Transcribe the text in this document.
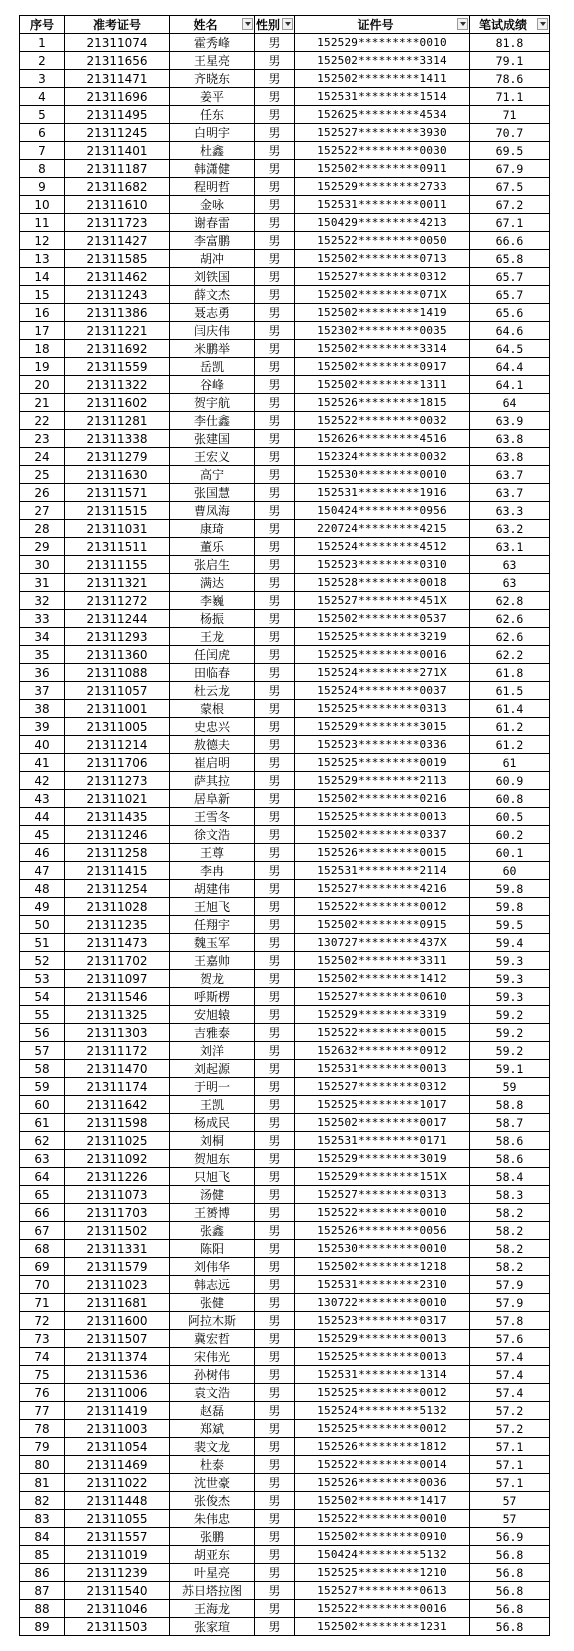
序号	准考证号	姓名	性别	证件号	笔试成绩

1	21311074	霍秀峰	男	152529*********0010	81.8
2	21311656	王星亮	男	152502*********3314	79.1
3	21311471	齐晓东	男	152502*********1411	78.6
4	21311696	姜平	男	152531*********1514	71.1
5	21311495	任东	男	152625*********4534	71
6	21311245	白明宇	男	152527*********3930	70.7
7	21311401	杜鑫	男	152522*********0030	69.5
8	21311187	韩潇健	男	152502*********0911	67.9
9	21311682	程明哲	男	152529*********2733	67.5
10	21311610	金咏	男	152531*********0011	67.2
11	21311723	谢春雷	男	150429*********4213	67.1
12	21311427	李富鹏	男	152522*********0050	66.6
13	21311585	胡冲	男	152502*********0713	65.8
14	21311462	刘铁国	男	152527*********0312	65.7
15	21311243	薛文杰	男	152502*********071X	65.7
16	21311386	聂志勇	男	152502*********1419	65.6
17	21311221	闫庆伟	男	152302*********0035	64.6
18	21311692	米鹏举	男	152502*********3314	64.5
19	21311559	岳凯	男	152502*********0917	64.4
20	21311322	谷峰	男	152502*********1311	64.1
21	21311602	贺宇航	男	152526*********1815	64
22	21311281	李仕鑫	男	152522*********0032	63.9
23	21311338	张建国	男	152626*********4516	63.8
24	21311279	王宏义	男	152324*********0032	63.8
25	21311630	高宁	男	152530*********0010	63.7
26	21311571	张国慧	男	152531*********1916	63.7
27	21311515	曹凤海	男	150424*********0956	63.3
28	21311031	康琦	男	220724*********4215	63.2
29	21311511	董乐	男	152524*********4512	63.1
30	21311155	张启生	男	152523*********0310	63
31	21311321	满达	男	152528*********0018	63
32	21311272	李巍	男	152527*********451X	62.8
33	21311244	杨振	男	152502*********0537	62.6
34	21311293	王龙	男	152525*********3219	62.6
35	21311360	任闰虎	男	152525*********0016	62.2
36	21311088	田临春	男	152524*********271X	61.8
37	21311057	杜云龙	男	152524*********0037	61.5
38	21311001	蒙根	男	152525*********0313	61.4
39	21311005	史忠兴	男	152529*********3015	61.2
40	21311214	敖德夫	男	152523*********0336	61.2
41	21311706	崔启明	男	152525*********0019	61
42	21311273	萨其拉	男	152529*********2113	60.9
43	21311021	居阜新	男	152502*********0216	60.8
44	21311435	王雪冬	男	152525*********0013	60.5
45	21311246	徐文浩	男	152502*********0337	60.2
46	21311258	王尊	男	152526*********0015	60.1
47	21311415	李冉	男	152531*********2114	60
48	21311254	胡建伟	男	152527*********4216	59.8
49	21311028	王旭飞	男	152522*********0012	59.8
50	21311235	任翔宇	男	152502*********0915	59.5
51	21311473	魏玉军	男	130727*********437X	59.4
52	21311702	王嘉帅	男	152502*********3311	59.3
53	21311097	贺龙	男	152502*********1412	59.3
54	21311546	呼斯楞	男	152527*********0610	59.3
55	21311325	安旭辕	男	152529*********3319	59.2
56	21311303	吉雅泰	男	152522*********0015	59.2
57	21311172	刘洋	男	152632*********0912	59.2
58	21311470	刘起源	男	152531*********0013	59.1
59	21311174	于明一	男	152527*********0312	59
60	21311642	王凯	男	152525*********1017	58.8
61	21311598	杨成民	男	152502*********0017	58.7
62	21311025	刘桐	男	152531*********0171	58.6
63	21311092	贺旭东	男	152529*********3019	58.6
64	21311226	只旭飞	男	152529*********151X	58.4
65	21311073	汤健	男	152527*********0313	58.3
66	21311703	王赟博	男	152522*********0010	58.2
67	21311502	张鑫	男	152526*********0056	58.2
68	21311331	陈阳	男	152530*********0010	58.2
69	21311579	刘伟华	男	152502*********1218	58.2
70	21311023	韩志远	男	152531*********2310	57.9
71	21311681	张健	男	130722*********0010	57.9
72	21311600	阿拉木斯	男	152523*********0317	57.8
73	21311507	冀宏哲	男	152529*********0013	57.6
74	21311374	宋伟光	男	152525*********0013	57.4
75	21311536	孙树伟	男	152531*********1314	57.4
76	21311006	袁文浩	男	152525*********0012	57.4
77	21311419	赵磊	男	152524*********5132	57.2
78	21311003	郑斌	男	152525*********0012	57.2
79	21311054	裴文龙	男	152526*********1812	57.1
80	21311469	杜泰	男	152522*********0014	57.1
81	21311022	沈世豪	男	152526*********0036	57.1
82	21311448	张俊杰	男	152502*********1417	57
83	21311055	朱伟忠	男	152522*********0010	57
84	21311557	张鹏	男	152502*********0910	56.9
85	21311019	胡亚东	男	150424*********5132	56.8
86	21311239	叶星亮	男	152525*********1210	56.8
87	21311540	苏日塔拉图	男	152527*********0613	56.8
88	21311046	王海龙	男	152522*********0016	56.8
89	21311503	张家瑄	男	152502*********1231	56.8
